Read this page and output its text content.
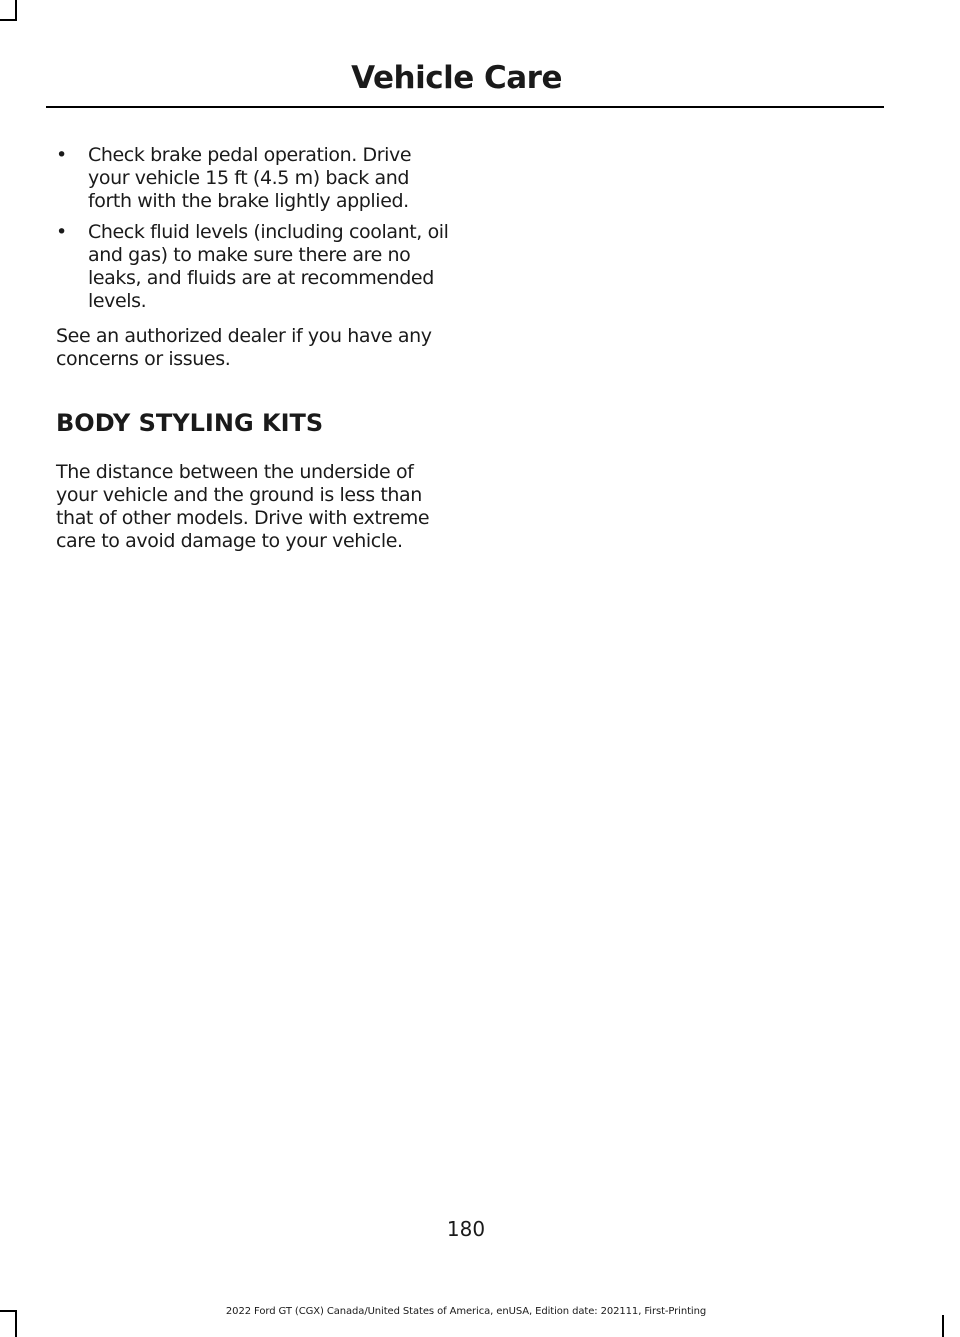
Vehicle Care
• Check brake pedal operation. Drive your vehicle 15 ft (4.5 m) back and forth with the brake lightly applied.
• Check fluid levels (including coolant, oil and gas) to make sure there are no leaks, and fluids are at recommended levels.

See an authorized dealer if you have any concerns or issues.

BODY STYLING KITS

The distance between the underside of your vehicle and the ground is less than that of other models. Drive with extreme care to avoid damage to your vehicle.

180
2022 Ford GT (CGX) Canada/United States of America, enUSA, Edition date: 202111, First-Printing
